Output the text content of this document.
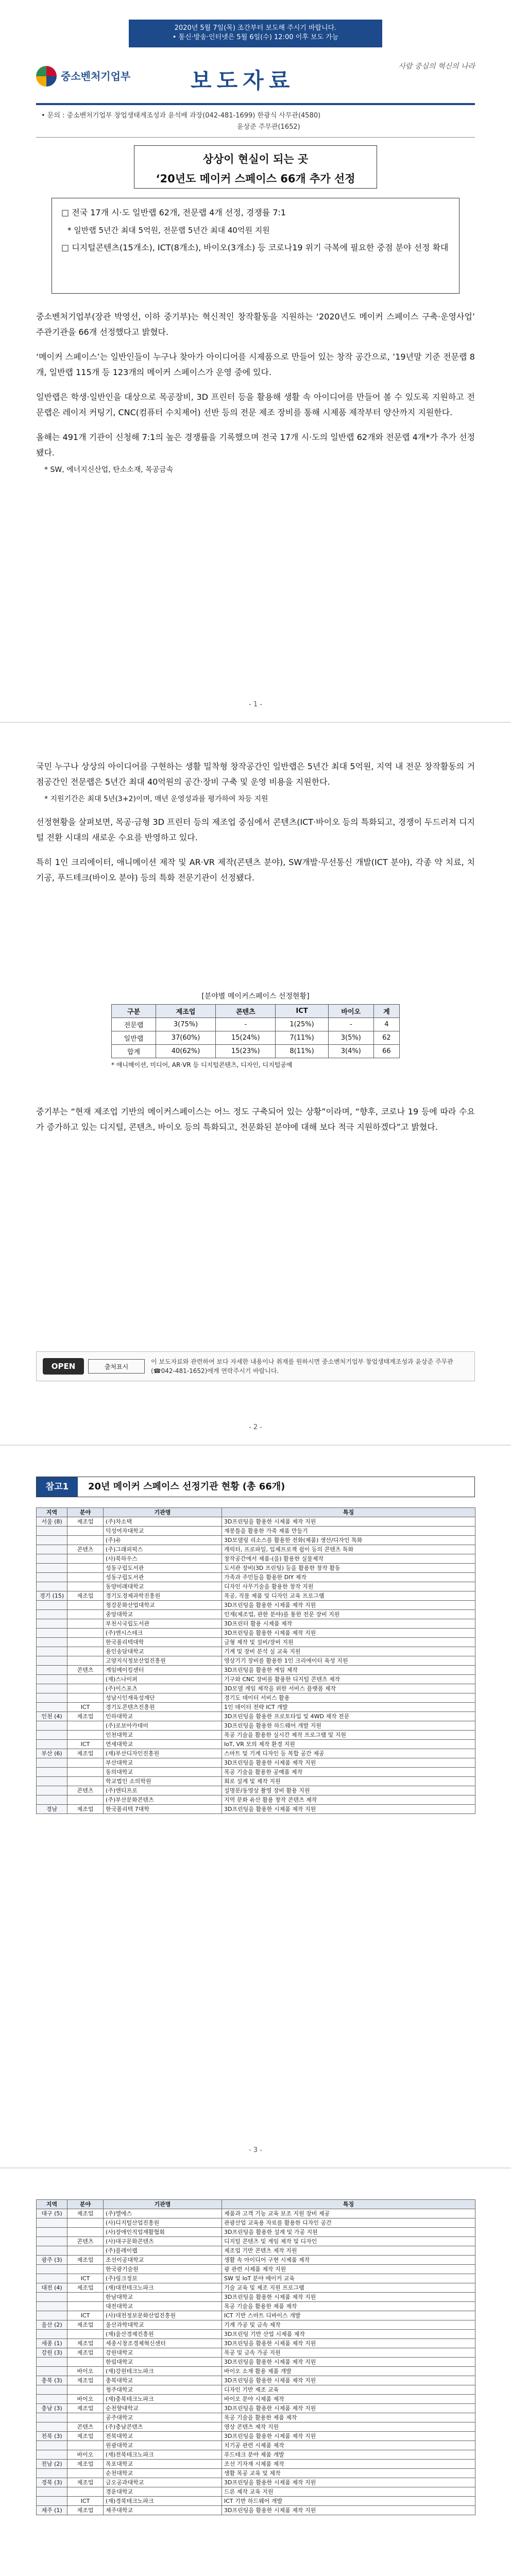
2020년 5월 7일(목) 조간부터 보도해 주시기 바랍니다.
• 통신‧방송‧인터넷은 5월 6일(수) 12:00 이후 보도 가능
중소벤처기업부	보도자료
사람 중심의 혁신의 나라
• 문의 : 중소벤처기업부 창업생태계조성과 윤석배 과장(042-481-1699) 한광식 사무관(4580)
윤상준 주무관(1652)
상상이 현실이 되는 곳
‘20년도 메이커 스페이스 66개 추가 선정
□ 전국 17개 시·도 일반랩 62개, 전문랩 4개 선정, 경쟁률 7:1
* 일반랩 5년간 최대 5억원, 전문랩 5년간 최대 40억원 지원
□ 디지털콘텐츠(15개소), ICT(8개소), 바이오(3개소) 등 코로나19 위기 극복에 필요한 중점 분야 선정 확대

중소벤처기업부(장관 박영선, 이하 중기부)는 혁신적인 창작활동을 지원하는 ‘2020년도 메이커 스페이스 구축·운영사업’ 주관기관을 66개 선정했다고 밝혔다.

‘메이커 스페이스’는 일반인들이 누구나 찾아가 아이디어를 시제품으로 만들어 있는 창작 공간으로, ’19년말 기준 전문랩 8개, 일반랩 115개 등 123개의 메이커 스페이스가 운영 중에 있다.

일반랩은 학생·일반인을 대상으로 목공장비, 3D 프린터 등을 활용해 생활 속 아이디어를 만들어 볼 수 있도록 지원하고 전문랩은 레이저 커팅기, CNC(컴퓨터 수치제어) 선반 등의 전문 제조 장비를 통해 시제품 제작부터 양산까지 지원한다.

올해는 491개 기관이 신청해 7:1의 높은 경쟁률을 기록했으며 전국 17개 시·도의 일반랩 62개와 전문랩 4개*가 추가 선정됐다.

* SW, 에너지신산업, 탄소소재, 목공금속
- 1 -

국민 누구나 상상의 아이디어를 구현하는 생활 밀착형 창작공간인 일반랩은 5년간 최대 5억원, 지역 내 전문 창작활동의 거점공간인 전문랩은 5년간 최대 40억원의 공간·장비 구축 및 운영 비용을 지원한다.

* 지원기간은 최대 5년(3+2)이며, 매년 운영성과를 평가하여 차등 지원

선정현황을 살펴보면, 목공·금형 3D 프린터 등의 제조업 중심에서 콘텐츠(ICT·바이오 등의 특화되고, 경쟁이 두드러져 디지털 전환 시대의 새로운 수요를 반영하고 있다.

특히 1인 크리에이터, 애니메이션 제작 및 AR·VR 제작(콘텐츠 분야), SW개발‧무선통신 개발(ICT 분야), 각종 약 치료, 치기공, 푸드테크(바이오 분야) 등의 특화 전문기관이 선정됐다.

[분야별 메이커스페이스 선정현황]
구분	제조업	콘텐츠	ICT	바이오	계
전문랩	3(75%)	-	1(25%)	-	4
일반랩	37(60%)	15(24%)	7(11%)	3(5%)	62
합계	40(62%)	15(23%)	8(11%)	3(4%)	66
* 애니메이션, 미디어, AR·VR 등 디지털콘텐츠, 디자인, 디지털공예

중기부는 “현재 제조업 기반의 메이커스페이스는 어느 정도 구축되어 있는 상황”이라며, “향후, 코로나 19 등에 따라 수요가 증가하고 있는 디지털, 콘텐츠, 바이오 등의 특화되고, 전문화된 분야에 대해 보다 적극 지원하겠다”고 밝혔다.

OPEN	출처표시
이 보도자료와 관련하여 보다 자세한 내용이나 취재를 원하시면 중소벤처기업부 창업생태계조성과 윤상준 주무관(☎042-481-1652)에게 연락주시기 바랍니다.
- 2 -
참고1	20년 메이커 스페이스 선정기관 현황 (총 66개)
지역	분야	기관명	특징
서울 (8)	제조업	(주)차소택	3D프린팅을 활용한 시제품 제작 지원
		덕성여자대학교	재봉틀을 활용한 가죽 제품 만들기
		(주)유	3D모델링 리소스를 활용한 전화(제품) 생산/디자인 특화
	콘텐츠	(주)그래피픽스	캐릭터, 프로파일, 입체프로젝 쉽이 등의 콘텐츠 특화
		(사)북하우스	창작공간에서 제품-(을) 활용한 실물제작
		성동구립도서관	도서관 장비(3D 프린팅) 등을 활용한 창작 활동
		성동구립도서관	가족과 주민들을 활용한 DIY 제작
		동양미래대학교	디자인 사무기술을 활용한 창작 지원
경기 (15)	제조업	경기도경제과학진흥원	목공, 직물 제품 및 디자인 교육 프로그램
		청강문화산업대학교	3D프린팅을 활용한 시제품 제작 지원
		중앙대학교	인재(제조업, 관한 분야)를 통한 전문 장비 지원
		부천시국립도서관	3D프린터 활용 시제품 제작
		(주)엔시스테크	3D프린팅을 활용한 시제품 제작 지원
		한국폴리텍대학	금형 제작 및 설비/장비 지원
		용인송담대학교	기계 및 장비 분석 실 교육 지원
		고양지식정보산업진흥원	영상기기 장비를 활용한 1인 크리에이터 육성 지원
	콘텐츠	게임메이킹센터	3D프린팅을 활용한 게임 제작
		(재)스나이퍼	기구와 CNC 장비를 활용한 디지털 콘텐츠 제작
		(주)이스포츠	3D모델 게임 제작을 위한 서비스 플랫폼 제작
		성남시인재육성재단	경기도 데이터 서비스 활용
	ICT	경기도콘텐츠진흥원	1인 데이터 전략 ICT 개발
인천 (4)	제조업	인하대학교	3D프린팅을 활용한 프로토타입 및 4WD 제작 전문
		(주)로보아카데미	3D프린팅을 활용한 하드웨어 개발 지원
		인천대학교	목공 기술을 활용한 실시간 제작 프로그램 및 지원
	ICT	연세대학교	IoT, VR 모의 제작 환경 지원
부산 (6)	제조업	(재)부산디자인진흥원	스마트 및 기계 디자인 등 복합 공간 제공
		부산대학교	3D프린팅을 활용한 시제품 제작 지원
		동의대학교	목공 기술을 활용한 공예품 제작
		학교법인 소의학원	회로 설계 및 제작 지원
	콘텐츠	(주)엔티프로	설명문/동영상 촬영 장비 활용 지원
		(주)부산문화콘텐츠	지역 문화 유산 활용 창작 콘텐츠 제작
경남	제조업	한국폴리텍 7대학	3D프린팅을 활용한 시제품 제작 지원
- 3 -
지역	분야	기관명	특징
대구 (5)	제조업	(주)엘에스	제품과 고객 기능 교육 보조 지원 장비 제공
		(사)디지털산업진흥원	관광산업 교육용 자료를 활용한 디자인 공간
		(사)장애인직업재활협회	3D프린팅을 활용한 설계 및 가공 지원
	콘텐츠	(사)대구문화콘텐츠	디지털 콘텐츠 및 게임 제작 및 디자인
		(주)플레이랩	제조업 기반 콘텐츠 제작 지원
광주 (3)	제조업	조선이공대학교	생활 속 아이디어 구현 시제품 제작
		한국광기술원	광 관련 시제품 제작 지원
	ICT	(주)링크정보	SW 및 IoT 분야 메이커 교육
대전 (4)	제조업	(재)대전테크노파크	기술 교육 및 제조 지원 프로그램
		한남대학교	3D프린팅을 활용한 시제품 제작 지원
		대전대학교	목공 기술을 활용한 제품 제작
	ICT	(사)대전정보문화산업진흥원	ICT 기반 스마트 디바이스 개발
울산 (2)	제조업	울산과학대학교	기계 가공 및 금속 제작
		(재)울산경제진흥원	3D프린팅 기반 산업 시제품 제작
세종 (1)	제조업	세종시창조경제혁신센터	3D프린팅을 활용한 시제품 제작 지원
강원 (3)	제조업	강원대학교	목공 및 금속 가공 지원
		한림대학교	3D프린팅을 활용한 시제품 제작 지원
	바이오	(재)강원테크노파크	바이오 소재 활용 제품 개발
충북 (3)	제조업	충북대학교	3D프린팅을 활용한 시제품 제작 지원
		청주대학교	디자인 기반 제조 교육
	바이오	(재)충북테크노파크	바이오 분야 시제품 제작
충남 (3)	제조업	순천향대학교	3D프린팅을 활용한 시제품 제작 지원
		공주대학교	목공 기술을 활용한 제품 제작
	콘텐츠	(주)충남콘텐츠	영상 콘텐츠 제작 지원
전북 (3)	제조업	전북대학교	3D프린팅을 활용한 시제품 제작 지원
		원광대학교	치기공 관련 시제품 제작
	바이오	(재)전북테크노파크	푸드테크 분야 제품 개발
전남 (2)	제조업	목포대학교	조선 기자재 시제품 제작
		순천대학교	생활 목공 교육 및 제작
경북 (3)	제조업	금오공과대학교	3D프린팅을 활용한 시제품 제작 지원
		경운대학교	드론 제작 교육 지원
	ICT	(재)경북테크노파크	ICT 기반 하드웨어 개발
제주 (1)	제조업	제주대학교	3D프린팅을 활용한 시제품 제작 지원
